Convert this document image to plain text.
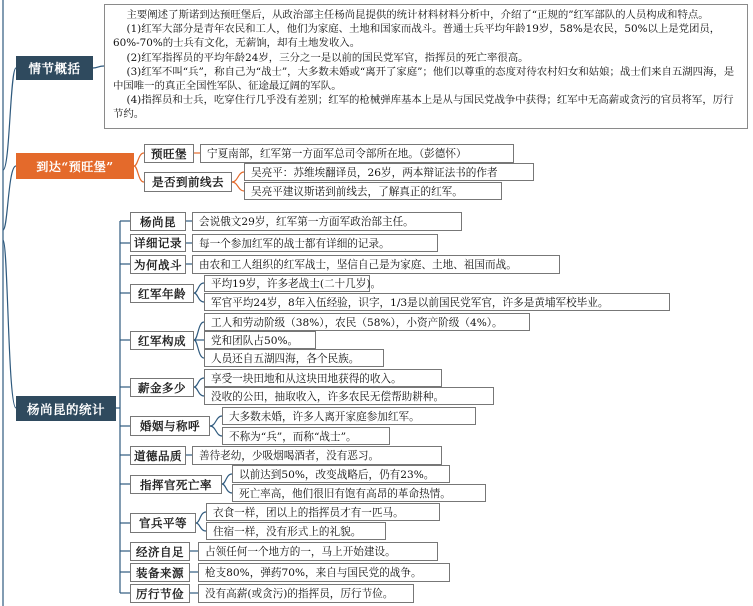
主要阐述了斯诺到达预旺堡后，从政治部主任杨尚昆提供的统计材料材料分析中，介绍了“正规的”红军部队的人员构成和特点。

(1)红军大部分是青年农民和工人，他们为家庭、土地和国家而战斗。普通士兵平均年龄19岁，58%是农民，50%以上是党团员，60%-70%的士兵有文化，无薪饷，却有土地发收入。

(2)红军指挥员的平均年龄24岁，三分之一是以前的国民党军官，指挥员的死亡率很高。

(3)红军不叫“兵”，称自己为“战士”，大多数未婚或“离开了家庭”；他们以尊重的态度对待农村妇女和姑娘；战士们来自五湖四海，是中国唯一的真正全国性军队、征途最辽阔的军队。

(4)指挥员和士兵，吃穿住行几乎没有差别；红军的枪械弹库基本上是从与国民党战争中获得；红军中无高薪或贪污的官员将军，厉行节约。

情节概括
到达“预旺堡”
杨尚昆的统计
预旺堡	宁夏南部，红军第一方面军总司令部所在地。（彭德怀）
是否到前线去
吴亮平：苏维埃翻译员，26岁，两本辩证法书的作者
吴亮平建议斯诺到前线去，了解真正的红军。
杨尚昆	会说俄文29岁，红军第一方面军政治部主任。
详细记录	每一个参加红军的战士都有详细的记录。
为何战斗	由农和工人组织的红军战士，坚信自己是为家庭、土地、祖国而战。
红军年龄
平均19岁，许多老战士(二十几岁)。
军官平均24岁，8年入伍经验，识字，1/3是以前国民党军官，许多是黄埔军校毕业。
红军构成
工人和劳动阶级（38%），农民（58%），小资产阶级（4%）。
党和团队占50%。
人员还自五湖四海，各个民族。
薪金多少
享受一块田地和从这块田地获得的收入。
没收的公田，抽取收入，许多农民无偿帮助耕种。
婚姻与称呼
大多数未婚，许多人离开家庭参加红军。
不称为“兵”，而称“战士”。
道德品质	善待老幼，少吸烟喝酒者，没有恶习。
指挥官死亡率
以前达到50%，改变战略后，仍有23%。
死亡率高，他们很旧有饱有高昂的革命热情。
官兵平等
衣食一样，团以上的指挥员才有一匹马。
住宿一样，没有形式上的礼貌。
经济自足	占领任何一个地方的一，马上开始建设。
装备来源	枪支80%，弹药70%，来自与国民党的战争。
厉行节俭	没有高薪(或贪污)的指挥员，厉行节俭。
